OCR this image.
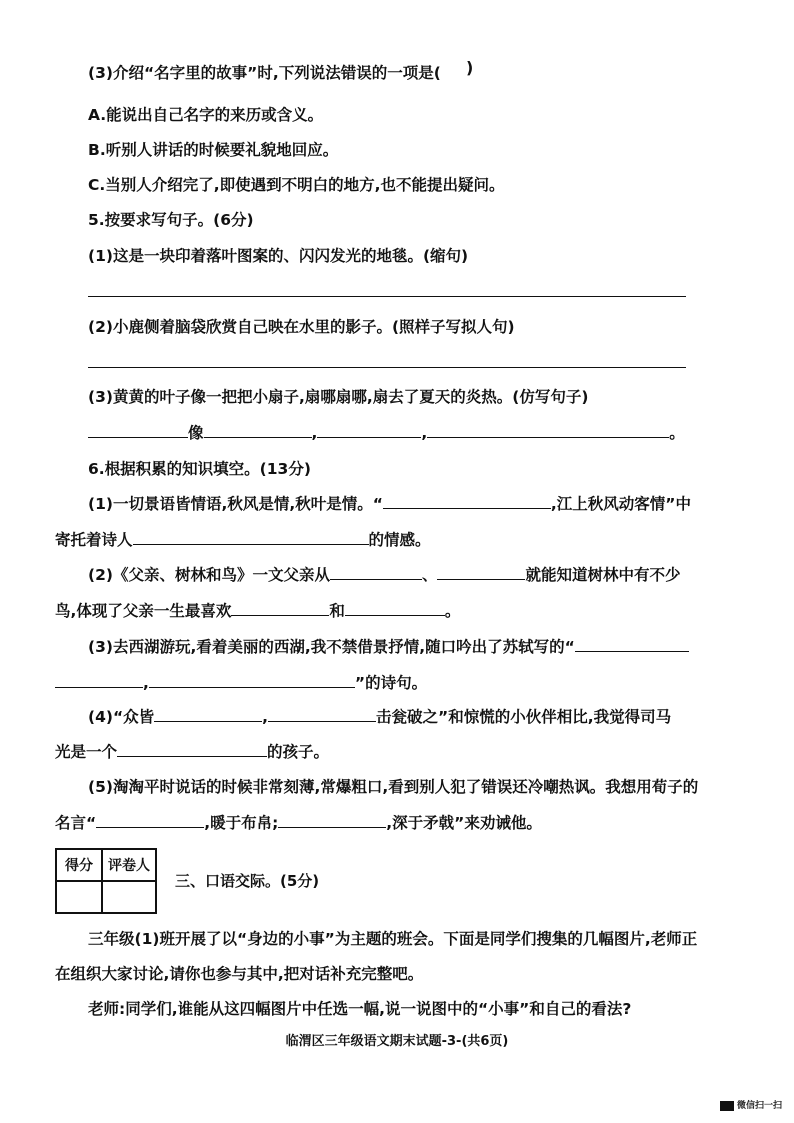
(3)介绍“名字里的故事”时,下列说法错误的一项是(	)
A.能说出自己名字的来历或含义。
B.听别人讲话的时候要礼貌地回应。
C.当别人介绍完了,即使遇到不明白的地方,也不能提出疑问。
5.按要求写句子。(6分)
(1)这是一块印着落叶图案的、闪闪发光的地毯。(缩句)
(2)小鹿侧着脑袋欣赏自己映在水里的影子。(照样子写拟人句)
(3)黄黄的叶子像一把把小扇子,扇哪扇哪,扇去了夏天的炎热。(仿写句子)
像	,	,	。
6.根据积累的知识填空。(13分)
(1)一切景语皆情语,秋风是情,秋叶是情。“	,江上秋风动客情”中
寄托着诗人	的情感。
(2)《父亲、树林和鸟》一文父亲从	、	就能知道树林中有不少
鸟,体现了父亲一生最喜欢	和	。
(3)去西湖游玩,看着美丽的西湖,我不禁借景抒情,随口吟出了苏轼写的“
,	”的诗句。
(4)“众皆	,	击瓮破之”和惊慌的小伙伴相比,我觉得司马
光是一个	的孩子。
(5)淘淘平时说话的时候非常刻薄,常爆粗口,看到别人犯了错误还冷嘲热讽。我想用荀子的
名言“	,暖于布帛;	,深于矛戟”来劝诫他。
得分	评卷人

三、口语交际。(5分)
三年级(1)班开展了以“身边的小事”为主题的班会。下面是同学们搜集的几幅图片,老师正
在组织大家讨论,请你也参与其中,把对话补充完整吧。
老师:同学们,谁能从这四幅图片中任选一幅,说一说图中的“小事”和自己的看法?
临渭区三年级语文期末试题-3-(共6页)
微信扫一扫
